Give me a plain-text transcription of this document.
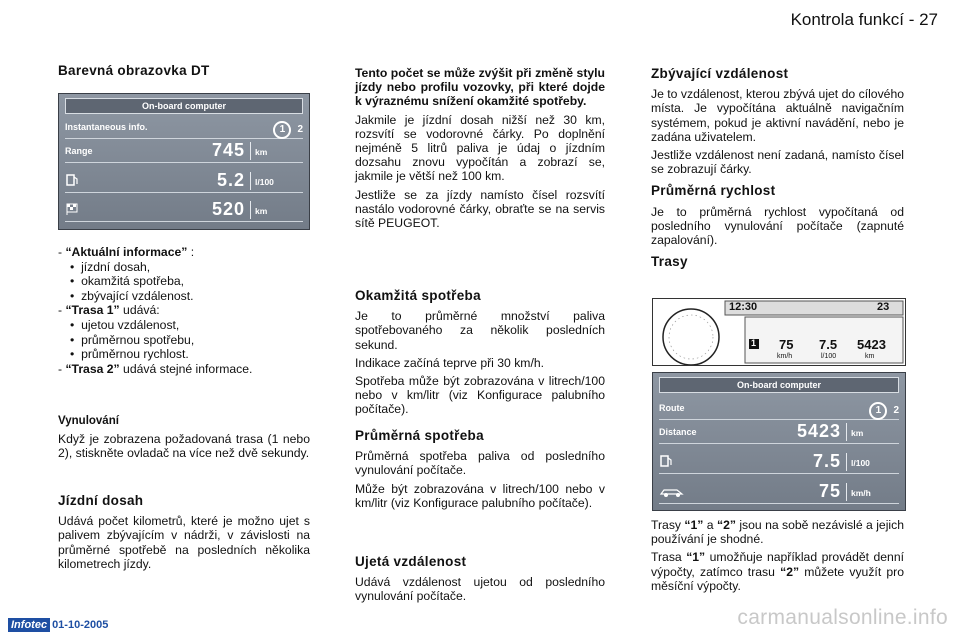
Kontrola funkcí - 27
Barevná obrazovka DT
On-board computer
Instantaneous info.	1 2
Range	745 km
5.2 l/100
520 km
- “Aktuální informace” :
• jízdní dosah,
• okamžitá spotřeba,
• zbývající vzdálenost.
- “Trasa 1” udává:
• ujetou vzdálenost,
• průměrnou spotřebu,
• průměrnou rychlost.
- “Trasa 2” udává stejné informace.
Vynulování

Když je zobrazena požadovaná trasa (1 nebo 2), stiskněte ovladač na více než dvě sekundy.

Jízdní dosah

Udává počet kilometrů, které je možno ujet s palivem zbývajícím v nádrži, v závislosti na průměrné spotřebě na posledních několika kilometrech jízdy.

Tento počet se může zvýšit při změně stylu jízdy nebo profilu vozovky, při které dojde k výraznému snížení okamžité spotřeby.

Jakmile je jízdní dosah nižší než 30 km, rozsvítí se vodorovné čárky. Po doplnění nejméně 5 litrů paliva je údaj o jízdním dozsahu znovu vypočítán a zobrazí se, jakmile je větší než 100 km.

Jestliže se za jízdy namísto čísel rozsvítí nastálo vodorovné čárky, obraťte se na servis sítě PEUGEOT.

Okamžitá spotřeba

Je to průměrné množství paliva spotřebovaného za několik posledních sekund.

Indikace začíná teprve při 30 km/h.

Spotřeba může být zobrazována v litrech/100 nebo v km/litr (viz Konfigurace palubního počítače).

Průměrná spotřeba

Průměrná spotřeba paliva od posledního vynulování počítače.

Může být zobrazována v litrech/100 nebo v km/litr (viz Konfigurace palubního počítače).

Ujetá vzdálenost

Udává vzdálenost ujetou od posledního vynulování počítače.

Zbývající vzdálenost

Je to vzdálenost, kterou zbývá ujet do cílového místa. Je vypočítána aktuálně navigačním systémem, pokud je aktivní navádění, nebo je zadána uživatelem.

Jestliže vzdálenost není zadaná, namísto čísel se zobrazují čárky.

Průměrná rychlost

Je to průměrná rychlost vypočítaná od posledního vynulování počítače (zapnuté zapalování).

Trasy
12:30	23
1 75 7.5 5423
km/h	l/100	km
On-board computer
Route	1 2
Distance	5423 km
7.5 l/100
75 km/h

Trasy “1” a “2” jsou na sobě nezávislé a jejich používání je shodné.

Trasa “1” umožňuje například provádět denní výpočty, zatímco trasu “2” můžete využít pro měsíční výpočty.

Infotec 01-10-2005	carmanualsonline.info
